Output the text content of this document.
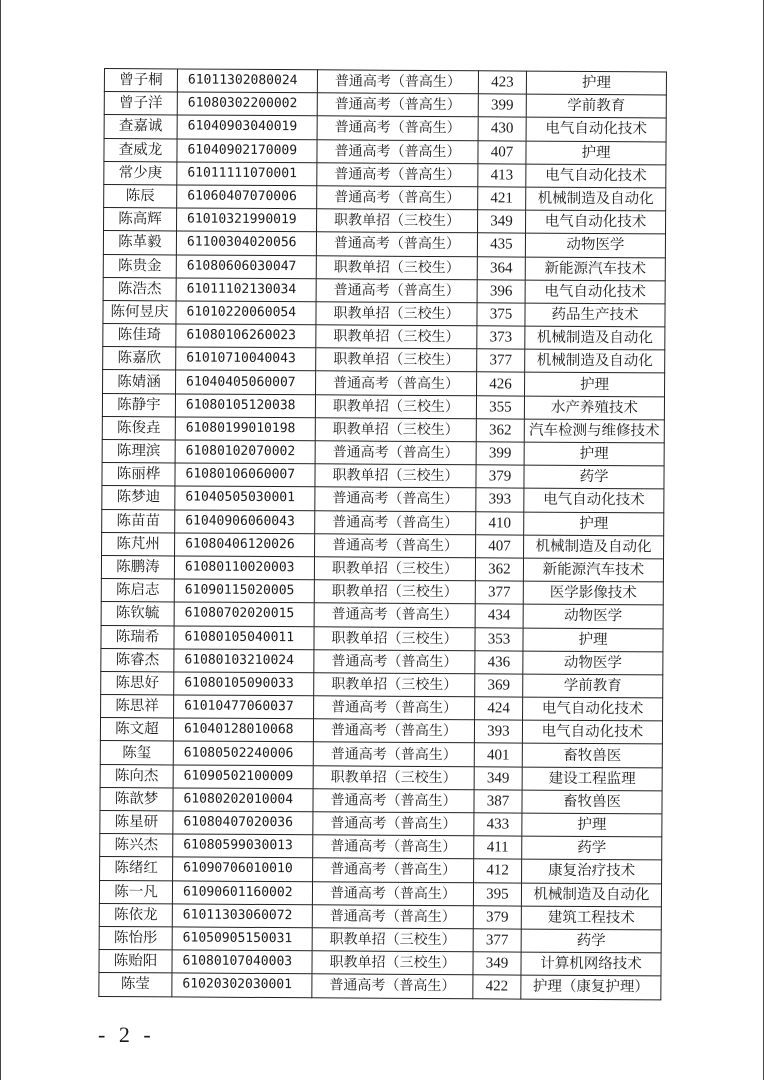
曾子桐	61011302080024	普通高考（普高生）	423	护理
曾子洋	61080302200002	普通高考（普高生）	399	学前教育
查嘉诚	61040903040019	普通高考（普高生）	430	电气自动化技术
查威龙	61040902170009	普通高考（普高生）	407	护理
常少庚	61011111070001	普通高考（普高生）	413	电气自动化技术
陈辰	61060407070006	普通高考（普高生）	421	机械制造及自动化
陈高辉	61010321990019	职教单招（三校生）	349	电气自动化技术
陈革毅	61100304020056	普通高考（普高生）	435	动物医学
陈贵金	61080606030047	职教单招（三校生）	364	新能源汽车技术
陈浩杰	61011102130034	普通高考（普高生）	396	电气自动化技术
陈何昱庆	61010220060054	职教单招（三校生）	375	药品生产技术
陈佳琦	61080106260023	职教单招（三校生）	373	机械制造及自动化
陈嘉欣	61010710040043	职教单招（三校生）	377	机械制造及自动化
陈婧涵	61040405060007	普通高考（普高生）	426	护理
陈静宇	61080105120038	职教单招（三校生）	355	水产养殖技术
陈俊垚	61080199010198	职教单招（三校生）	362	汽车检测与维修技术
陈理滨	61080102070002	普通高考（普高生）	399	护理
陈丽桦	61080106060007	职教单招（三校生）	379	药学
陈梦迪	61040505030001	普通高考（普高生）	393	电气自动化技术
陈苗苗	61040906060043	普通高考（普高生）	410	护理
陈芃州	61080406120026	普通高考（普高生）	407	机械制造及自动化
陈鹏涛	61080110020003	职教单招（三校生）	362	新能源汽车技术
陈启志	61090115020005	职教单招（三校生）	377	医学影像技术
陈钦毓	61080702020015	普通高考（普高生）	434	动物医学
陈瑞希	61080105040011	职教单招（三校生）	353	护理
陈睿杰	61080103210024	普通高考（普高生）	436	动物医学
陈思好	61080105090033	职教单招（三校生）	369	学前教育
陈思祥	61010477060037	普通高考（普高生）	424	电气自动化技术
陈文超	61040128010068	普通高考（普高生）	393	电气自动化技术
陈玺	61080502240006	普通高考（普高生）	401	畜牧兽医
陈向杰	61090502100009	职教单招（三校生）	349	建设工程监理
陈歆梦	61080202010004	普通高考（普高生）	387	畜牧兽医
陈星研	61080407020036	普通高考（普高生）	433	护理
陈兴杰	61080599030013	普通高考（普高生）	411	药学
陈绪红	61090706010010	普通高考（普高生）	412	康复治疗技术
陈一凡	61090601160002	普通高考（普高生）	395	机械制造及自动化
陈依龙	61011303060072	普通高考（普高生）	379	建筑工程技术
陈怡彤	61050905150031	职教单招（三校生）	377	药学
陈贻阳	61080107040003	职教单招（三校生）	349	计算机网络技术
陈莹	61020302030001	普通高考（普高生）	422	护理（康复护理）
- 2 -
